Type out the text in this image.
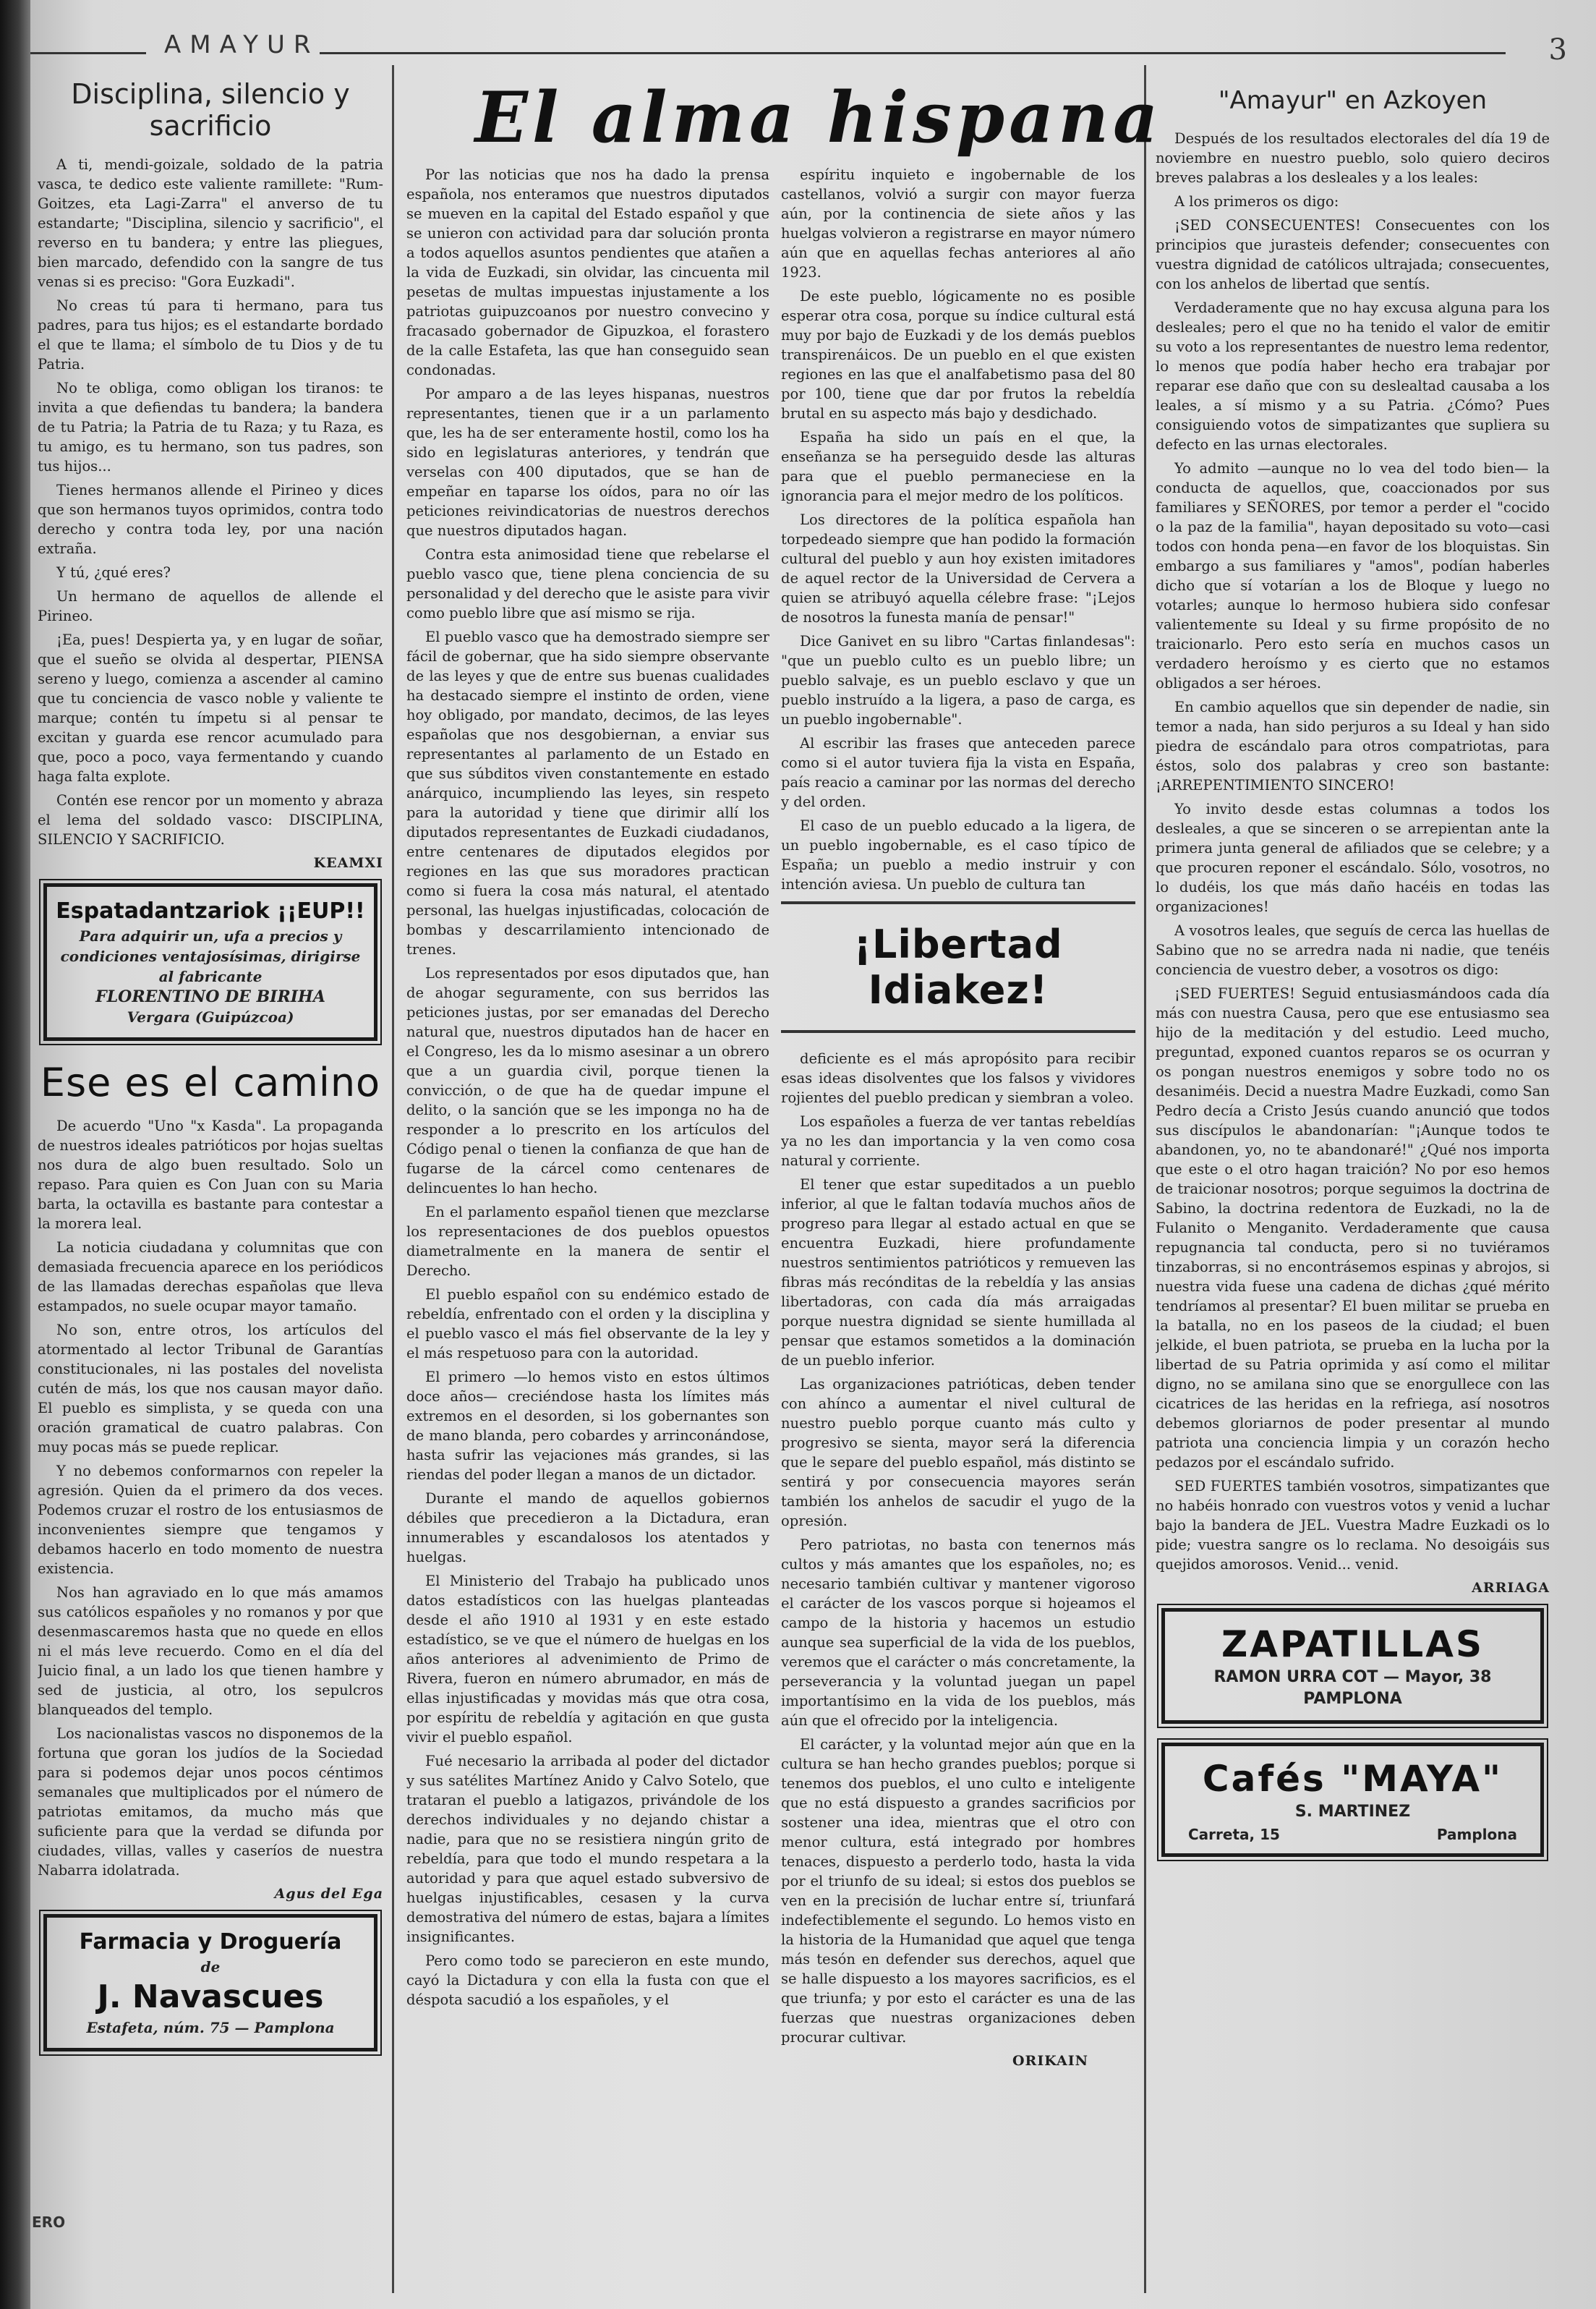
AMAYUR	3
Disciplina, silencio y sacrificio

A ti, mendi-goizale, soldado de la patria vasca, te dedico este valiente ramillete: "Rum-Goitzes, eta Lagi-Zarra" el anverso de tu estandarte; "Disciplina, silencio y sacrificio", el reverso en tu bandera; y entre las pliegues, bien marcado, defendido con la sangre de tus venas si es preciso: "Gora Euzkadi".

No creas tú para ti hermano, para tus padres, para tus hijos; es el estandarte bordado el que te llama; el símbolo de tu Dios y de tu Patria.

No te obliga, como obligan los tiranos: te invita a que defiendas tu bandera; la bandera de tu Patria; la Patria de tu Raza; y tu Raza, es tu amigo, es tu hermano, son tus padres, son tus hijos...

Tienes hermanos allende el Pirineo y dices que son hermanos tuyos oprimidos, contra todo derecho y contra toda ley, por una nación extraña.

Y tú, ¿qué eres?

Un hermano de aquellos de allende el Pirineo.

¡Ea, pues! Despierta ya, y en lugar de soñar, que el sueño se olvida al despertar, PIENSA sereno y luego, comienza a ascender al camino que tu conciencia de vasco noble y valiente te marque; contén tu ímpetu si al pensar te excitan y guarda ese rencor acumulado para que, poco a poco, vaya fermentando y cuando haga falta explote.

Contén ese rencor por un momento y abraza el lema del soldado vasco: DISCIPLINA, SILENCIO Y SACRIFICIO.

KEAMXI

Espatadantzariok ¡¡EUP!!
Para adquirir un, ufa a precios y condiciones ventajosísimas, dirigirse al fabricante
FLORENTINO DE BIRIHA
Vergara (Guipúzcoa)
Ese es el camino

De acuerdo "Uno "x Kasda". La propaganda de nuestros ideales patrióticos por hojas sueltas nos dura de algo buen resultado. Solo un repaso. Para quien es Con Juan con su Maria barta, la octavilla es bastante para contestar a la morera leal.

La noticia ciudadana y columnitas que con demasiada frecuencia aparece en los periódicos de las llamadas derechas españolas que lleva estampados, no suele ocupar mayor tamaño.

No son, entre otros, los artículos del atormentado al lector Tribunal de Garantías constitucionales, ni las postales del novelista cutén de más, los que nos causan mayor daño. El pueblo es simplista, y se queda con una oración gramatical de cuatro palabras. Con muy pocas más se puede replicar.

Y no debemos conformarnos con repeler la agresión. Quien da el primero da dos veces. Podemos cruzar el rostro de los entusiasmos de inconvenientes siempre que tengamos y debamos hacerlo en todo momento de nuestra existencia.

Nos han agraviado en lo que más amamos sus católicos españoles y no romanos y por que desenmascaremos hasta que no quede en ellos ni el más leve recuerdo. Como en el día del Juicio final, a un lado los que tienen hambre y sed de justicia, al otro, los sepulcros blanqueados del templo.

Los nacionalistas vascos no disponemos de la fortuna que goran los judíos de la Sociedad para si podemos dejar unos pocos céntimos semanales que multiplicados por el número de patriotas emitamos, da mucho más que suficiente para que la verdad se difunda por ciudades, villas, valles y caseríos de nuestra Nabarra idolatrada.

Agus del Ega

Farmacia y Droguería
de
J. Navascues
Estafeta, núm. 75 — Pamplona
El alma hispana

Por las noticias que nos ha dado la prensa española, nos enteramos que nuestros diputados se mueven en la capital del Estado español y que se unieron con actividad para dar solución pronta a todos aquellos asuntos pendientes que atañen a la vida de Euzkadi, sin olvidar, las cincuenta mil pesetas de multas impuestas injustamente a los patriotas guipuzcoanos por nuestro convecino y fracasado gobernador de Gipuzkoa, el forastero de la calle Estafeta, las que han conseguido sean condonadas.

Por amparo a de las leyes hispanas, nuestros representantes, tienen que ir a un parlamento que, les ha de ser enteramente hostil, como los ha sido en legislaturas anteriores, y tendrán que verselas con 400 diputados, que se han de empeñar en taparse los oídos, para no oír las peticiones reivindicatorias de nuestros derechos que nuestros diputados hagan.

Contra esta animosidad tiene que rebelarse el pueblo vasco que, tiene plena conciencia de su personalidad y del derecho que le asiste para vivir como pueblo libre que así mismo se rija.

El pueblo vasco que ha demostrado siempre ser fácil de gobernar, que ha sido siempre observante de las leyes y que de entre sus buenas cualidades ha destacado siempre el instinto de orden, viene hoy obligado, por mandato, decimos, de las leyes españolas que nos desgobiernan, a enviar sus representantes al parlamento de un Estado en que sus súbditos viven constantemente en estado anárquico, incumpliendo las leyes, sin respeto para la autoridad y tiene que dirimir allí los diputados representantes de Euzkadi ciudadanos, entre centenares de diputados elegidos por regiones en las que sus moradores practican como si fuera la cosa más natural, el atentado personal, las huelgas injustificadas, colocación de bombas y descarrilamiento intencionado de trenes.

Los representados por esos diputados que, han de ahogar seguramente, con sus berridos las peticiones justas, por ser emanadas del Derecho natural que, nuestros diputados han de hacer en el Congreso, les da lo mismo asesinar a un obrero que a un guardia civil, porque tienen la convicción, o de que ha de quedar impune el delito, o la sanción que se les imponga no ha de responder a lo prescrito en los artículos del Código penal o tienen la confianza de que han de fugarse de la cárcel como centenares de delincuentes lo han hecho.

En el parlamento español tienen que mezclarse los representaciones de dos pueblos opuestos diametralmente en la manera de sentir el Derecho.

El pueblo español con su endémico estado de rebeldía, enfrentado con el orden y la disciplina y el pueblo vasco el más fiel observante de la ley y el más respetuoso para con la autoridad.

El primero —lo hemos visto en estos últimos doce años— creciéndose hasta los límites más extremos en el desorden, si los gobernantes son de mano blanda, pero cobardes y arrinconándose, hasta sufrir las vejaciones más grandes, si las riendas del poder llegan a manos de un dictador.

Durante el mando de aquellos gobiernos débiles que precedieron a la Dictadura, eran innumerables y escandalosos los atentados y huelgas.

El Ministerio del Trabajo ha publicado unos datos estadísticos con las huelgas planteadas desde el año 1910 al 1931 y en este estado estadístico, se ve que el número de huelgas en los años anteriores al advenimiento de Primo de Rivera, fueron en número abrumador, en más de ellas injustificadas y movidas más que otra cosa, por espíritu de rebeldía y agitación en que gusta vivir el pueblo español.

Fué necesario la arribada al poder del dictador y sus satélites Martínez Anido y Calvo Sotelo, que trataran el pueblo a latigazos, privándole de los derechos individuales y no dejando chistar a nadie, para que no se resistiera ningún grito de rebeldía, para que todo el mundo respetara a la autoridad y para que aquel estado subversivo de huelgas injustificables, cesasen y la curva demostrativa del número de estas, bajara a límites insignificantes.

Pero como todo se parecieron en este mundo, cayó la Dictadura y con ella la fusta con que el déspota sacudió a los españoles, y el

espíritu inquieto e ingobernable de los castellanos, volvió a surgir con mayor fuerza aún, por la continencia de siete años y las huelgas volvieron a registrarse en mayor número aún que en aquellas fechas anteriores al año 1923.

De este pueblo, lógicamente no es posible esperar otra cosa, porque su índice cultural está muy por bajo de Euzkadi y de los demás pueblos transpirenáicos. De un pueblo en el que existen regiones en las que el analfabetismo pasa del 80 por 100, tiene que dar por frutos la rebeldía brutal en su aspecto más bajo y desdichado.

España ha sido un país en el que, la enseñanza se ha perseguido desde las alturas para que el pueblo permaneciese en la ignorancia para el mejor medro de los políticos.

Los directores de la política española han torpedeado siempre que han podido la formación cultural del pueblo y aun hoy existen imitadores de aquel rector de la Universidad de Cervera a quien se atribuyó aquella célebre frase: "¡Lejos de nosotros la funesta manía de pensar!"

Dice Ganivet en su libro "Cartas finlandesas": "que un pueblo culto es un pueblo libre; un pueblo salvaje, es un pueblo esclavo y que un pueblo instruído a la ligera, a paso de carga, es un pueblo ingobernable".

Al escribir las frases que anteceden parece como si el autor tuviera fija la vista en España, país reacio a caminar por las normas del derecho y del orden.

El caso de un pueblo educado a la ligera, de un pueblo ingobernable, es el caso típico de España; un pueblo a medio instruir y con intención aviesa. Un pueblo de cultura tan

¡Libertad Idiakez!

deficiente es el más apropósito para recibir esas ideas disolventes que los falsos y vividores rojientes del pueblo predican y siembran a voleo.

Los españoles a fuerza de ver tantas rebeldías ya no les dan importancia y la ven como cosa natural y corriente.

El tener que estar supeditados a un pueblo inferior, al que le faltan todavía muchos años de progreso para llegar al estado actual en que se encuentra Euzkadi, hiere profundamente nuestros sentimientos patrióticos y remueven las fibras más recónditas de la rebeldía y las ansias libertadoras, con cada día más arraigadas porque nuestra dignidad se siente humillada al pensar que estamos sometidos a la dominación de un pueblo inferior.

Las organizaciones patrióticas, deben tender con ahínco a aumentar el nivel cultural de nuestro pueblo porque cuanto más culto y progresivo se sienta, mayor será la diferencia que le separe del pueblo español, más distinto se sentirá y por consecuencia mayores serán también los anhelos de sacudir el yugo de la opresión.

Pero patriotas, no basta con tenernos más cultos y más amantes que los españoles, no; es necesario también cultivar y mantener vigoroso el carácter de los vascos porque si hojeamos el campo de la historia y hacemos un estudio aunque sea superficial de la vida de los pueblos, veremos que el carácter o más concretamente, la perseverancia y la voluntad juegan un papel importantísimo en la vida de los pueblos, más aún que el ofrecido por la inteligencia.

El carácter, y la voluntad mejor aún que en la cultura se han hecho grandes pueblos; porque si tenemos dos pueblos, el uno culto e inteligente que no está dispuesto a grandes sacrificios por sostener una idea, mientras que el otro con menor cultura, está integrado por hombres tenaces, dispuesto a perderlo todo, hasta la vida por el triunfo de su ideal; si estos dos pueblos se ven en la precisión de luchar entre sí, triunfará indefectiblemente el segundo. Lo hemos visto en la historia de la Humanidad que aquel que tenga más tesón en defender sus derechos, aquel que se halle dispuesto a los mayores sacrificios, es el que triunfa; y por esto el carácter es una de las fuerzas que nuestras organizaciones deben procurar cultivar.

ORIKAIN

"Amayur" en Azkoyen

Después de los resultados electorales del día 19 de noviembre en nuestro pueblo, solo quiero deciros breves palabras a los desleales y a los leales:

A los primeros os digo:

¡SED CONSECUENTES! Consecuentes con los principios que jurasteis defender; consecuentes con vuestra dignidad de católicos ultrajada; consecuentes, con los anhelos de libertad que sentís.

Verdaderamente que no hay excusa alguna para los desleales; pero el que no ha tenido el valor de emitir su voto a los representantes de nuestro lema redentor, lo menos que podía haber hecho era trabajar por reparar ese daño que con su deslealtad causaba a los leales, a sí mismo y a su Patria. ¿Cómo? Pues consiguiendo votos de simpatizantes que supliera su defecto en las urnas electorales.

Yo admito —aunque no lo vea del todo bien— la conducta de aquellos, que, coaccionados por sus familiares y SEÑORES, por temor a perder el "cocido o la paz de la familia", hayan depositado su voto—casi todos con honda pena—en favor de los bloquistas. Sin embargo a sus familiares y "amos", podían haberles dicho que sí votarían a los de Bloque y luego no votarles; aunque lo hermoso hubiera sido confesar valientemente su Ideal y su firme propósito de no traicionarlo. Pero esto sería en muchos casos un verdadero heroísmo y es cierto que no estamos obligados a ser héroes.

En cambio aquellos que sin depender de nadie, sin temor a nada, han sido perjuros a su Ideal y han sido piedra de escándalo para otros compatriotas, para éstos, solo dos palabras y creo son bastante: ¡ARREPENTIMIENTO SINCERO!

Yo invito desde estas columnas a todos los desleales, a que se sinceren o se arrepientan ante la primera junta general de afiliados que se celebre; y a que procuren reponer el escándalo. Sólo, vosotros, no lo dudéis, los que más daño hacéis en todas las organizaciones!

A vosotros leales, que seguís de cerca las huellas de Sabino que no se arredra nada ni nadie, que tenéis conciencia de vuestro deber, a vosotros os digo:

¡SED FUERTES! Seguid entusiasmándoos cada día más con nuestra Causa, pero que ese entusiasmo sea hijo de la meditación y del estudio. Leed mucho, preguntad, exponed cuantos reparos se os ocurran y os pongan nuestros enemigos y sobre todo no os desaniméis. Decid a nuestra Madre Euzkadi, como San Pedro decía a Cristo Jesús cuando anunció que todos sus discípulos le abandonarían: "¡Aunque todos te abandonen, yo, no te abandonaré!" ¿Qué nos importa que este o el otro hagan traición? No por eso hemos de traicionar nosotros; porque seguimos la doctrina de Sabino, la doctrina redentora de Euzkadi, no la de Fulanito o Menganito. Verdaderamente que causa repugnancia tal conducta, pero si no tuviéramos tinzaborras, si no encontrásemos espinas y abrojos, si nuestra vida fuese una cadena de dichas ¿qué mérito tendríamos al presentar? El buen militar se prueba en la batalla, no en los paseos de la ciudad; el buen jelkide, el buen patriota, se prueba en la lucha por la libertad de su Patria oprimida y así como el militar digno, no se amilana sino que se enorgullece con las cicatrices de las heridas en la refriega, así nosotros debemos gloriarnos de poder presentar al mundo patriota una conciencia limpia y un corazón hecho pedazos por el escándalo sufrido.

SED FUERTES también vosotros, simpatizantes que no habéis honrado con vuestros votos y venid a luchar bajo la bandera de JEL. Vuestra Madre Euzkadi os lo pide; vuestra sangre os lo reclama. No desoigáis sus quejidos amorosos. Venid... venid.

ARRIAGA

ZAPATILLAS
RAMON URRA COT — Mayor, 38
PAMPLONA
Cafés "MAYA"
S. MARTINEZ
Carreta, 15	Pamplona
ERO
